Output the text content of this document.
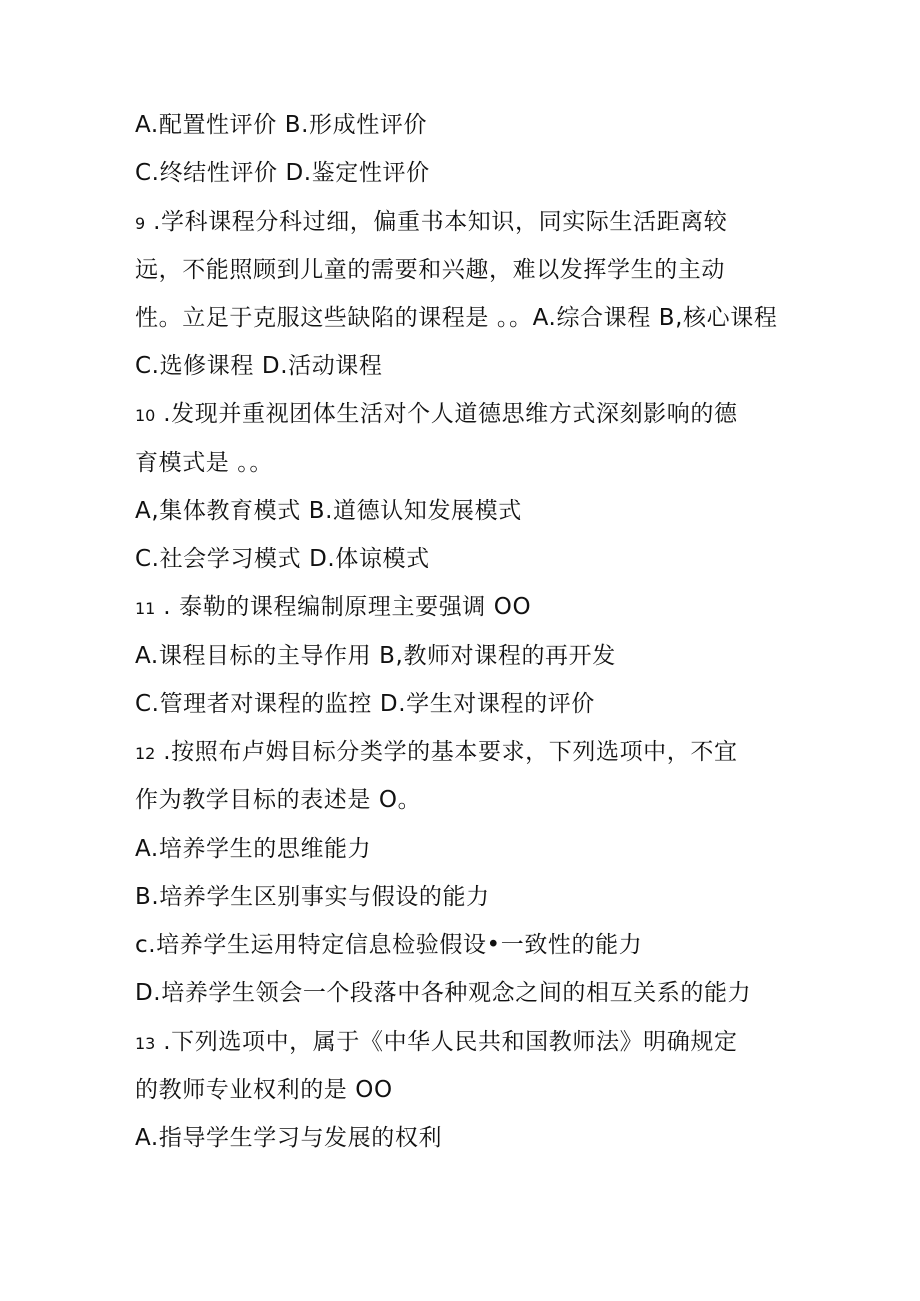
A.配置性评价 B.形成性评价
C.终结性评价 D.鉴定性评价
9 .学科课程分科过细，偏重书本知识，同实际生活距离较
远，不能照顾到儿童的需要和兴趣，难以发挥学生的主动
性。立足于克服这些缺陷的课程是 。。A.综合课程 B,核心课程
C.选修课程 D.活动课程
10 .发现并重视团体生活对个人道德思维方式深刻影响的德
育模式是 。。
A,集体教育模式 B.道德认知发展模式
C.社会学习模式 D.体谅模式
11 . 泰勒的课程编制原理主要强调 OO
A.课程目标的主导作用 B,教师对课程的再开发
C.管理者对课程的监控 D.学生对课程的评价
12 .按照布卢姆目标分类学的基本要求，下列选项中，不宜
作为教学目标的表述是 O。
A.培养学生的思维能力
B.培养学生区别事实与假设的能力
c.培养学生运用特定信息检验假设•一致性的能力
D.培养学生领会一个段落中各种观念之间的相互关系的能力
13 .下列选项中，属于《中华人民共和国教师法》明确规定
的教师专业权利的是 OO
A.指导学生学习与发展的权利
